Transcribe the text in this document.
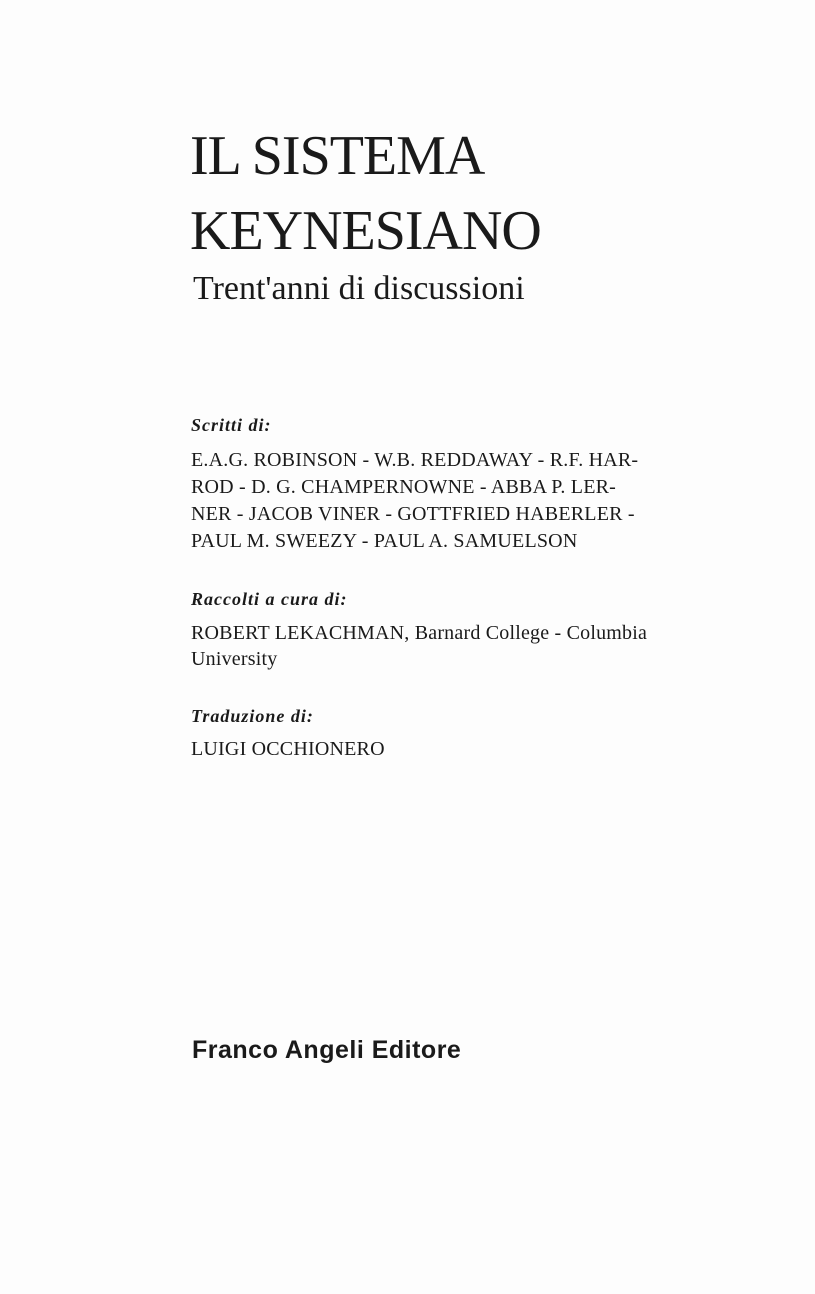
IL SISTEMA
KEYNESIANO
Trent'anni di discussioni
Scritti di:
E.A.G. ROBINSON - W.B. REDDAWAY - R.F. HAR-
ROD - D. G. CHAMPERNOWNE - ABBA P. LER-
NER - JACOB VINER - GOTTFRIED HABERLER -
PAUL M. SWEEZY - PAUL A. SAMUELSON
Raccolti a cura di:
ROBERT LEKACHMAN, Barnard College - Columbia
University
Traduzione di:
LUIGI OCCHIONERO
Franco Angeli Editore
